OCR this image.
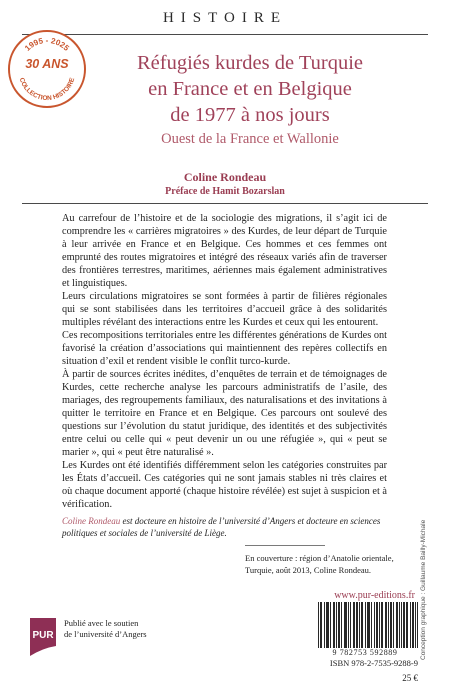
HISTOIRE
1995 - 2025
COLLECTION HISTOIRE
30 ANS	Réfugiés kurdes de Turquie
en France et en Belgique
de 1977 à nos jours
Ouest de la France et Wallonie
Coline Rondeau
Préface de Hamit Bozarslan

Au carrefour de l’histoire et de la sociologie des migrations, il s’agit ici de comprendre les « carrières migratoires » des Kurdes, de leur départ de Turquie à leur arrivée en France et en Belgique. Ces hommes et ces femmes ont emprunté des routes migratoires et intégré des réseaux variés afin de traverser des frontières terrestres, maritimes, aériennes mais également administratives et linguistiques.

Leurs circulations migratoires se sont formées à partir de filières régionales qui se sont stabilisées dans les territoires d’accueil grâce à des solidarités multiples révélant des interactions entre les Kurdes et ceux qui les entourent.

Ces recompositions territoriales entre les différentes générations de Kurdes ont favorisé la création d’associations qui maintiennent des repères collectifs en situation d’exil et rendent visible le conflit turco-kurde.

À partir de sources écrites inédites, d’enquêtes de terrain et de témoignages de Kurdes, cette recherche analyse les parcours administratifs de l’asile, des mariages, des regroupements familiaux, des naturalisations et des invitations à quitter le territoire en France et en Belgique. Ces parcours ont soulevé des questions sur l’évolution du statut juridique, des identités et des subjectivités entre celui ou celle qui « peut devenir un ou une réfugiée », qui « peut se marier », qui « peut être naturalisé ».

Les Kurdes ont été identifiés différemment selon les catégories construites par les États d’accueil. Ces catégories qui ne sont jamais stables ni très claires et où chaque document apporté (chaque histoire révélée) est sujet à suspicion et à vérification.

Coline Rondeau est docteure en histoire de l’université d’Angers et docteure en sciences politiques et sociales de l’université de Liège.
En couverture : région d’Anatolie orientale,
Turquie, août 2013, Coline Rondeau.
www.pur-editions.fr Conception graphique : Guillaume Bailly-Michale
PUR
Publié avec le soutien
de l’université d’Angers
9 782753 592889
ISBN 978-2-7535-9288-9
25 €
